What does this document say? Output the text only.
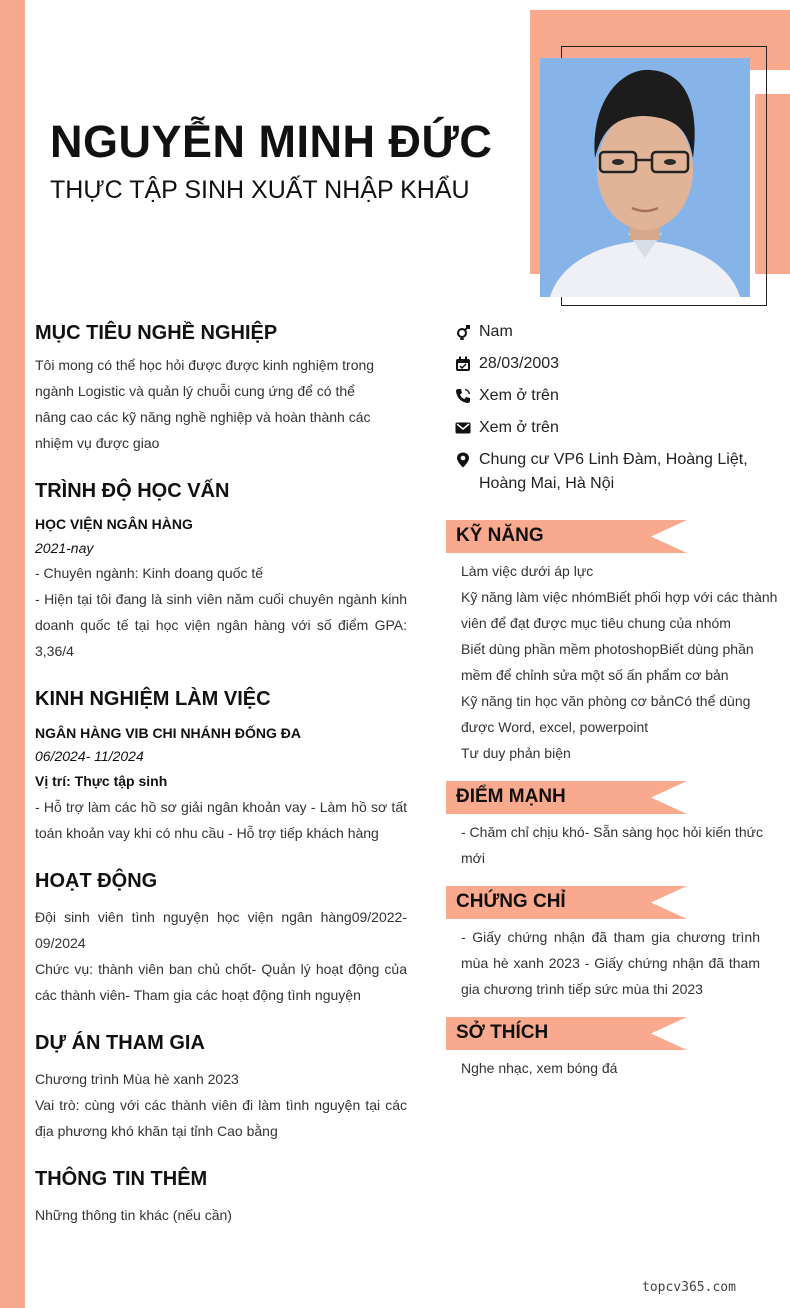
NGUYỄN MINH ĐỨC
THỰC TẬP SINH XUẤT NHẬP KHẨU
MỤC TIÊU NGHỀ NGHIỆP
Tôi mong có thể học hỏi được được kinh nghiệm trong ngành Logistic và quản lý chuỗi cung ứng để có thể nâng cao các kỹ năng nghề nghiệp và hoàn thành các nhiệm vụ được giao
TRÌNH ĐỘ HỌC VẤN
HỌC VIỆN NGÂN HÀNG
2021-nay
- Chuyên ngành: Kinh doang quốc tế
- Hiện tại tôi đang là sinh viên năm cuối chuyên ngành kinh doanh quốc tế tại học viện ngân hàng với số điểm GPA: 3,36/4
KINH NGHIỆM LÀM VIỆC
NGÂN HÀNG VIB CHI NHÁNH ĐỐNG ĐA
06/2024- 11/2024
Vị trí: Thực tập sinh
- Hỗ trợ làm các hồ sơ giải ngân khoản vay - Làm hồ sơ tất toán khoản vay khi có nhu cầu - Hỗ trợ tiếp khách hàng
HOẠT ĐỘNG
Đội sinh viên tình nguyện học viện ngân hàng09/2022-09/2024
Chức vụ: thành viên ban chủ chốt- Quản lý hoạt động của các thành viên- Tham gia các hoạt động tình nguyện
DỰ ÁN THAM GIA
Chương trình Mùa hè xanh 2023
Vai trò: cùng với các thành viên đi làm tình nguyện tại các địa phương khó khăn tại tỉnh Cao bằng
THÔNG TIN THÊM
Những thông tin khác (nếu cần)
Nam
28/03/2003
Xem ở trên
Xem ở trên
Chung cư VP6 Linh Đàm, Hoàng Liệt, Hoàng Mai, Hà Nội
KỸ NĂNG
Làm việc dưới áp lực
Kỹ năng làm việc nhómBiết phối hợp với các thành viên để đạt được mục tiêu chung của nhóm
Biết dùng phần mềm photoshopBiết dùng phần mềm để chỉnh sửa một số ấn phẩm cơ bản
Kỹ năng tin học văn phòng cơ bảnCó thể dùng được Word, excel, powerpoint
Tư duy phản biện
ĐIỂM MẠNH
- Chăm chỉ chịu khó- Sẵn sàng học hỏi kiến thức mới
CHỨNG CHỈ
- Giấy chứng nhận đã tham gia chương trình mùa hè xanh 2023 - Giấy chứng nhận đã tham gia chương trình tiếp sức mùa thi 2023
SỞ THÍCH
Nghe nhạc, xem bóng đá
topcv365.com
